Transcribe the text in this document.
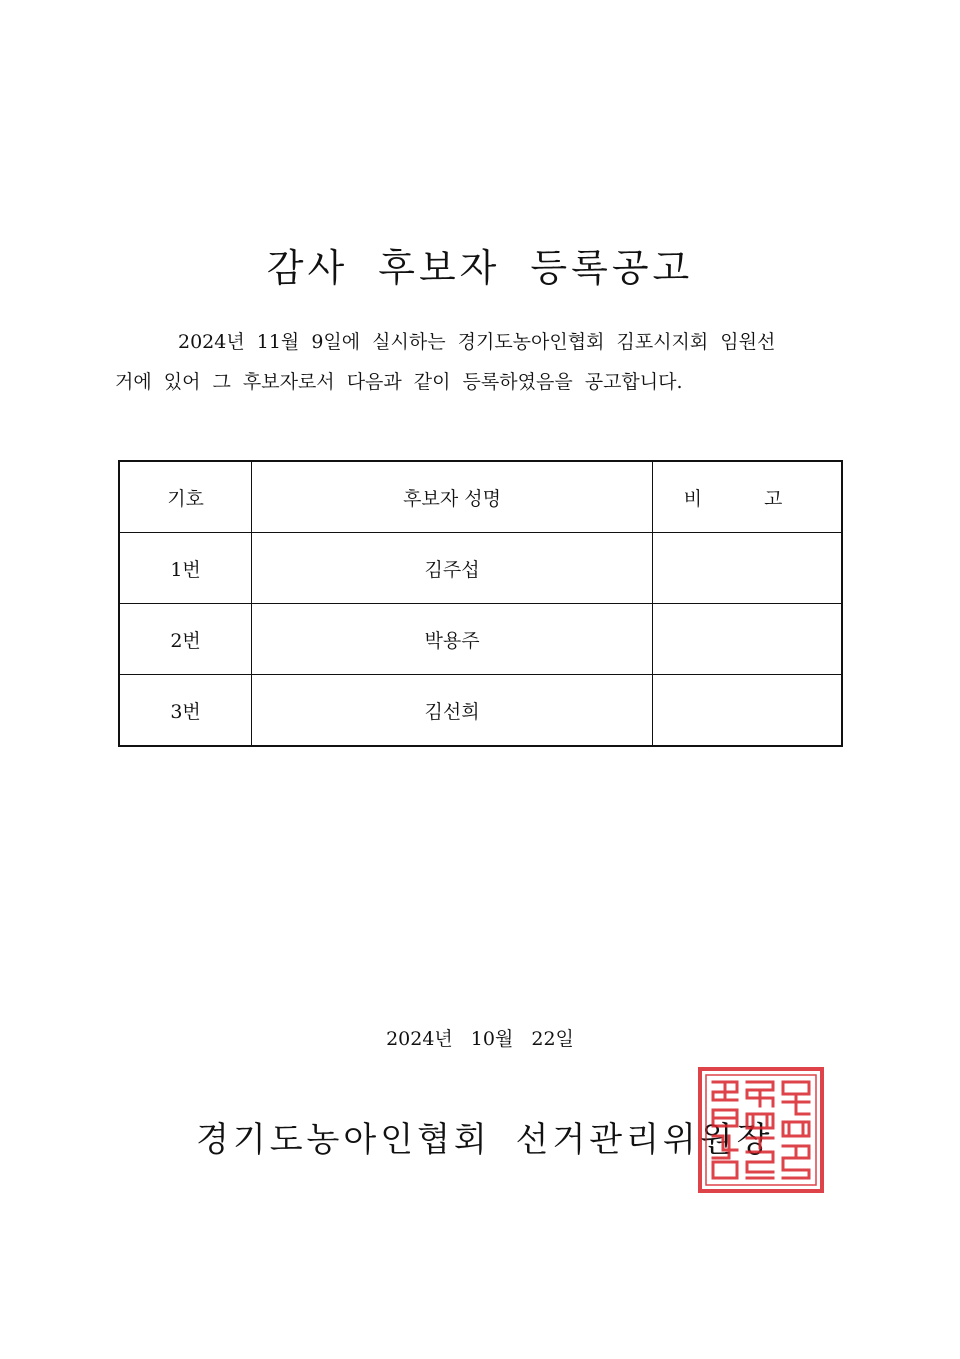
감사 후보자 등록공고

2024년 11월 9일에 실시하는 경기도농아인협회 김포시지회 임원선
거에 있어 그 후보자로서 다음과 같이 등록하였음을 공고합니다.

기호	후보자 성명	비 고
1번	김주섭	
2번	박용주	
3번	김선희	
2024년 10월 22일
경기도농아인협회 선거관리위원장
